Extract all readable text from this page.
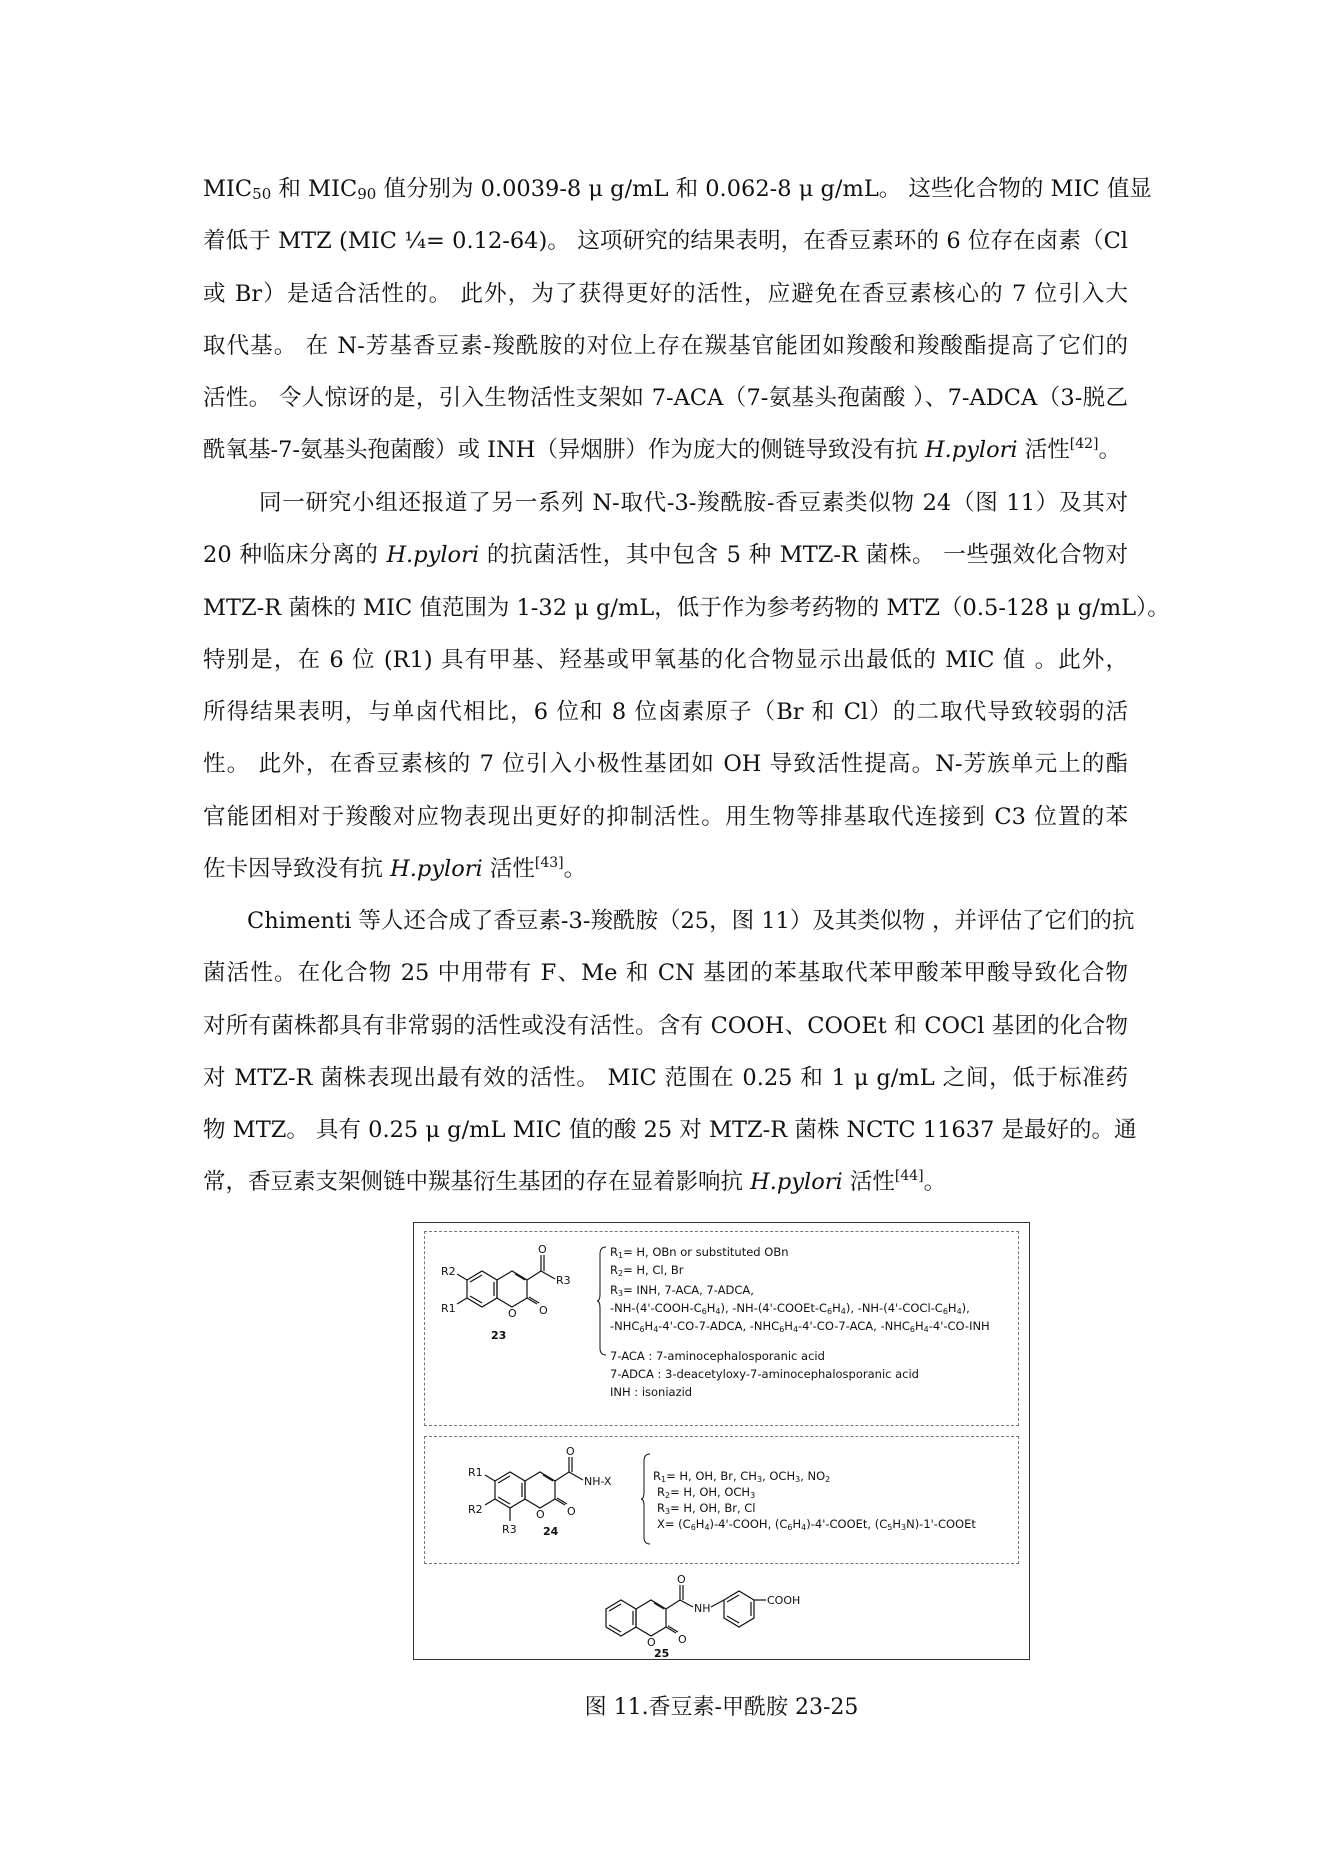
$MIC_{50}$ 和 $MIC_{90}$ 值分别为 0.0039-8 μ g/mL 和 0.062-8 μ g/mL。 这些化合物的 MIC 值显
着低于 MTZ (MIC ¼= 0.12-64)。 这项研究的结果表明，在香豆素环的 6 位存在卤素（Cl
或 Br）是适合活性的。 此外，为了获得更好的活性，应避免在香豆素核心的 7 位引入大
取代基。 在 N-芳基香豆素-羧酰胺的对位上存在羰基官能团如羧酸和羧酸酯提高了它们的
活性。 令人惊讶的是，引入生物活性支架如 7-ACA（7-氨基头孢菌酸 ）、7-ADCA（3-脱乙
酰氧基-7-氨基头孢菌酸）或 INH（异烟肼）作为庞大的侧链导致没有抗 H.pylori 活性[42]。
同一研究小组还报道了另一系列 N-取代-3-羧酰胺-香豆素类似物 24（图 11）及其对
20 种临床分离的 H.pylori 的抗菌活性，其中包含 5 种 MTZ-R 菌株。 一些强效化合物对
MTZ-R 菌株的 MIC 值范围为 1-32 μ g/mL，低于作为参考药物的 MTZ（0.5-128 μ g/mL）。
特别是，在 6 位 (R1) 具有甲基、羟基或甲氧基的化合物显示出最低的 MIC 值 。此外，
所得结果表明，与单卤代相比，6 位和 8 位卤素原子（Br 和 Cl）的二取代导致较弱的活
性。 此外，在香豆素核的 7 位引入小极性基团如 OH 导致活性提高。N-芳族单元上的酯
官能团相对于羧酸对应物表现出更好的抑制活性。用生物等排基取代连接到 C3 位置的苯
佐卡因导致没有抗 H.pylori 活性[43]。
Chimenti 等人还合成了香豆素-3-羧酰胺（25，图 11）及其类似物 ，并评估了它们的抗
菌活性。在化合物 25 中用带有 F、Me 和 CN 基团的苯基取代苯甲酸苯甲酸导致化合物
对所有菌株都具有非常弱的活性或没有活性。含有 COOH、COOEt 和 COCl 基团的化合物
对 MTZ-R 菌株表现出最有效的活性。 MIC 范围在 0.25 和 1 μ g/mL 之间，低于标准药
物 MTZ。 具有 0.25 μ g/mL MIC 值的酸 25 对 MTZ-R 菌株 NCTC 11637 是最好的。通
常，香豆素支架侧链中羰基衍生基团的存在显着影响抗 H.pylori 活性[44]。
R2
R1
R3
O
O O
23
$R_1= H$, OBn or substituted OBn
$R_2= H$, Cl, Br
$R_3=$ INH, 7-ACA, 7-ADCA,
$-NH-(4'-COOH-C_6H_4)$, $-NH-(4'-COOEt-C_6H_4)$, $-NH-(4'-COCl-C_6H_4)$,
$-NHC_6H_4-4'-CO-7$-ADCA, $-NHC_6H_4-4'-CO-7$-ACA, $-NHC_6H_4-4'-CO$-INH
7-ACA : 7-aminocephalosporanic acid
7-ADCA : 3-deacetyloxy-7-aminocephalosporanic acid
INH : isoniazid
R1
R2
R3
NH-X
O
O O
24
$R_1= H$, OH, Br, $CH_3$, $OCH_3$, $NO_2$
$R_2= H$, OH, $OCH_3$
$R_3= H$, OH, Br, Cl
$X= (C_6H_4)-4'$-COOH, $(C_6H_4)-4'$-COOEt, $(C_5H_3N)-1'$-COOEt
NH
COOH
O
O O
25
图 11.香豆素-甲酰胺 23-25
